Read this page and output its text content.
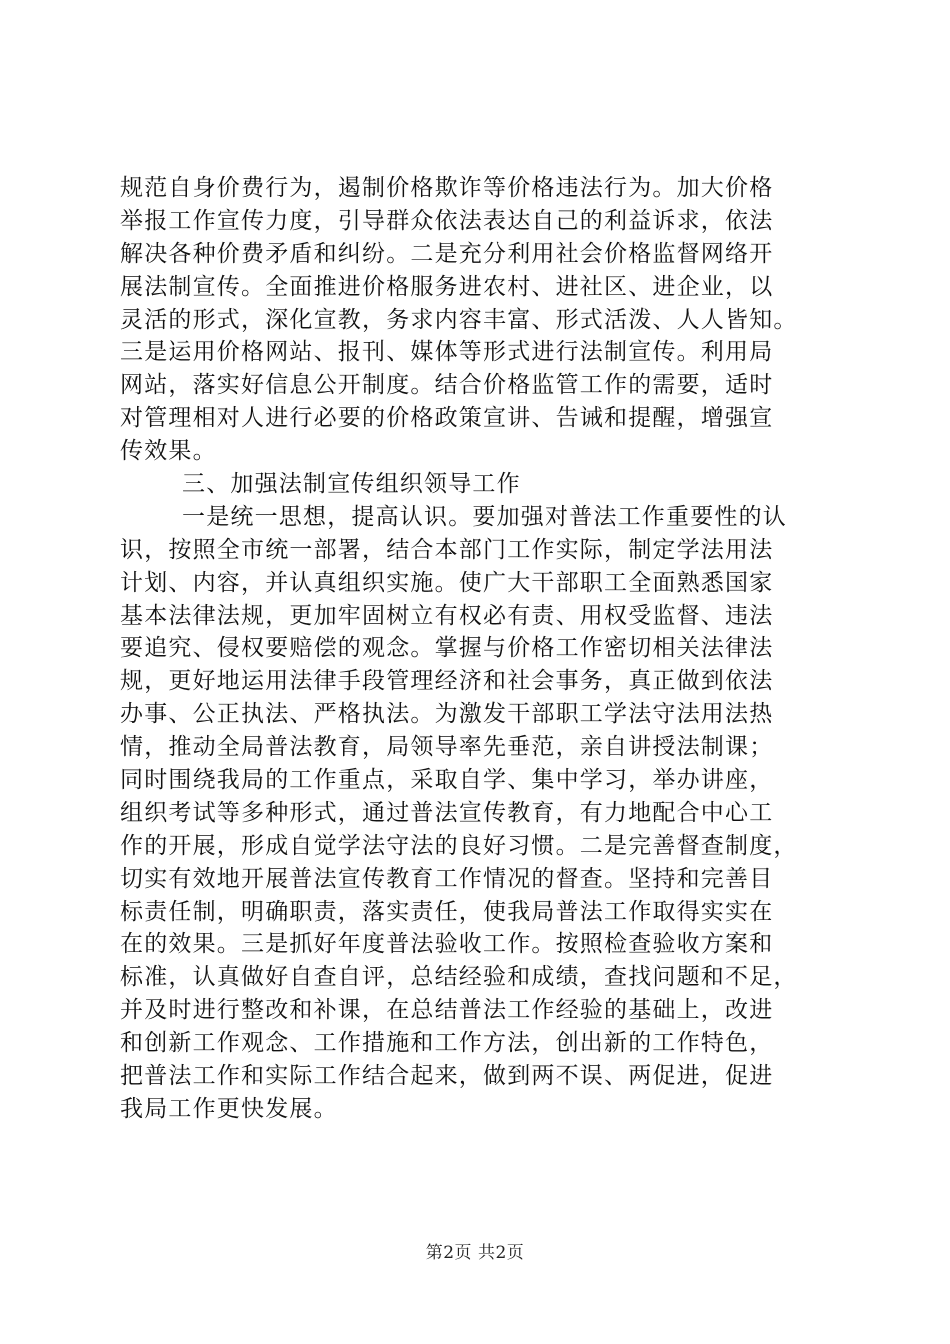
规范自身价费行为，遏制价格欺诈等价格违法行为。加大价格
举报工作宣传力度，引导群众依法表达自己的利益诉求，依法
解决各种价费矛盾和纠纷。二是充分利用社会价格监督网络开
展法制宣传。全面推进价格服务进农村、进社区、进企业，以
灵活的形式，深化宣教，务求内容丰富、形式活泼、人人皆知。
三是运用价格网站、报刊、媒体等形式进行法制宣传。利用局
网站，落实好信息公开制度。结合价格监管工作的需要，适时
对管理相对人进行必要的价格政策宣讲、告诫和提醒，增强宣
传效果。
三、加强法制宣传组织领导工作
一是统一思想，提高认识。要加强对普法工作重要性的认
识，按照全市统一部署，结合本部门工作实际，制定学法用法
计划、内容，并认真组织实施。使广大干部职工全面熟悉国家
基本法律法规，更加牢固树立有权必有责、用权受监督、违法
要追究、侵权要赔偿的观念。掌握与价格工作密切相关法律法
规，更好地运用法律手段管理经济和社会事务，真正做到依法
办事、公正执法、严格执法。为激发干部职工学法守法用法热
情，推动全局普法教育，局领导率先垂范，亲自讲授法制课；
同时围绕我局的工作重点，采取自学、集中学习，举办讲座，
组织考试等多种形式，通过普法宣传教育，有力地配合中心工
作的开展，形成自觉学法守法的良好习惯。二是完善督查制度，
切实有效地开展普法宣传教育工作情况的督查。坚持和完善目
标责任制，明确职责，落实责任，使我局普法工作取得实实在
在的效果。三是抓好年度普法验收工作。按照检查验收方案和
标准，认真做好自查自评，总结经验和成绩，查找问题和不足，
并及时进行整改和补课，在总结普法工作经验的基础上，改进
和创新工作观念、工作措施和工作方法，创出新的工作特色，
把普法工作和实际工作结合起来，做到两不误、两促进，促进
我局工作更快发展。
第2页 共2页
